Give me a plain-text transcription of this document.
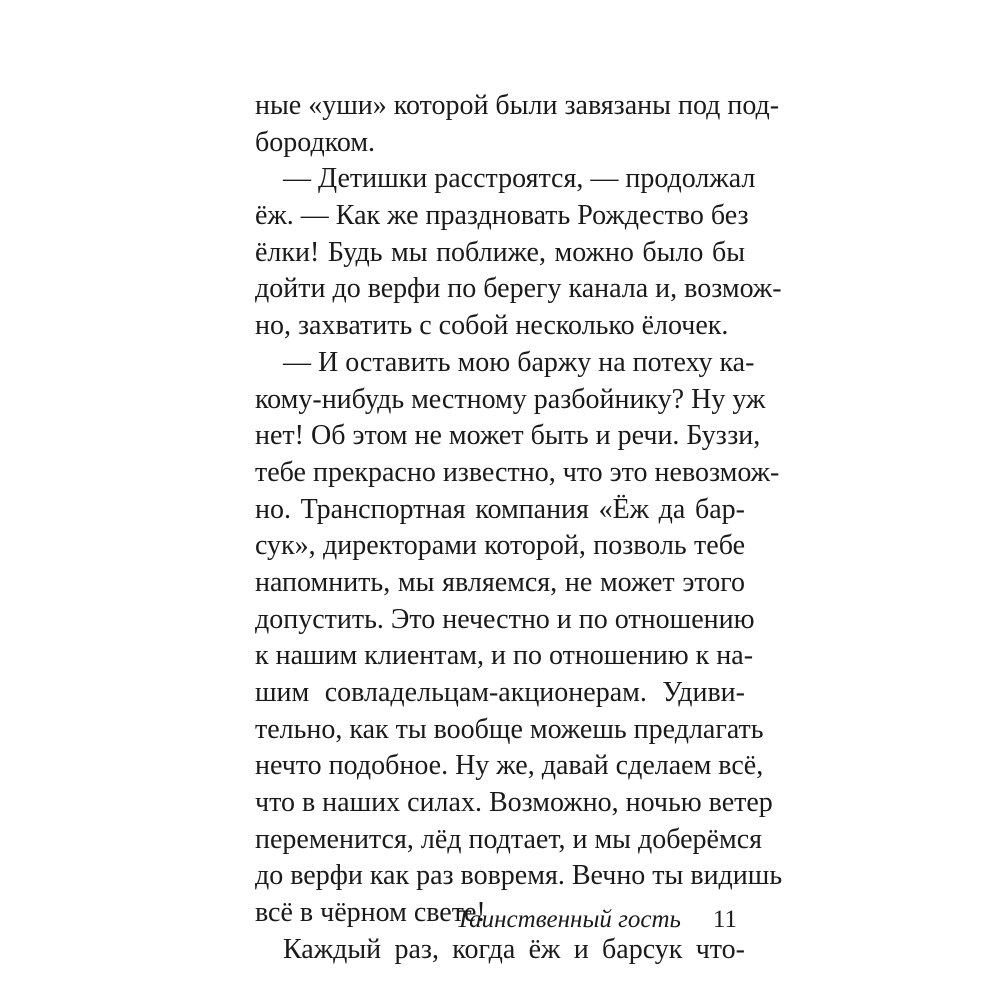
ные «уши» которой были завязаны под под-
бородком.
— Детишки расстроятся, — продолжал
ёж. — Как же праздновать Рождество без
ёлки! Будь мы поближе, можно было бы
дойти до верфи по берегу канала и, возмож-
но, захватить с собой несколько ёлочек.
— И оставить мою баржу на потеху ка-
кому-нибудь местному разбойнику? Ну уж
нет! Об этом не может быть и речи. Буззи,
тебе прекрасно известно, что это невозмож-
но. Транспортная компания «Ёж да бар-
сук», директорами которой, позволь тебе
напомнить, мы являемся, не может этого
допустить. Это нечестно и по отношению
к нашим клиентам, и по отношению к на-
шим совладельцам-акционерам. Удиви-
тельно, как ты вообще можешь предлагать
нечто подобное. Ну же, давай сделаем всё,
что в наших силах. Возможно, ночью ветер
переменится, лёд подтает, и мы доберёмся
до верфи как раз вовремя. Вечно ты видишь
всё в чёрном свете!
Каждый раз, когда ёж и барсук что-
Таинственный гость 11
